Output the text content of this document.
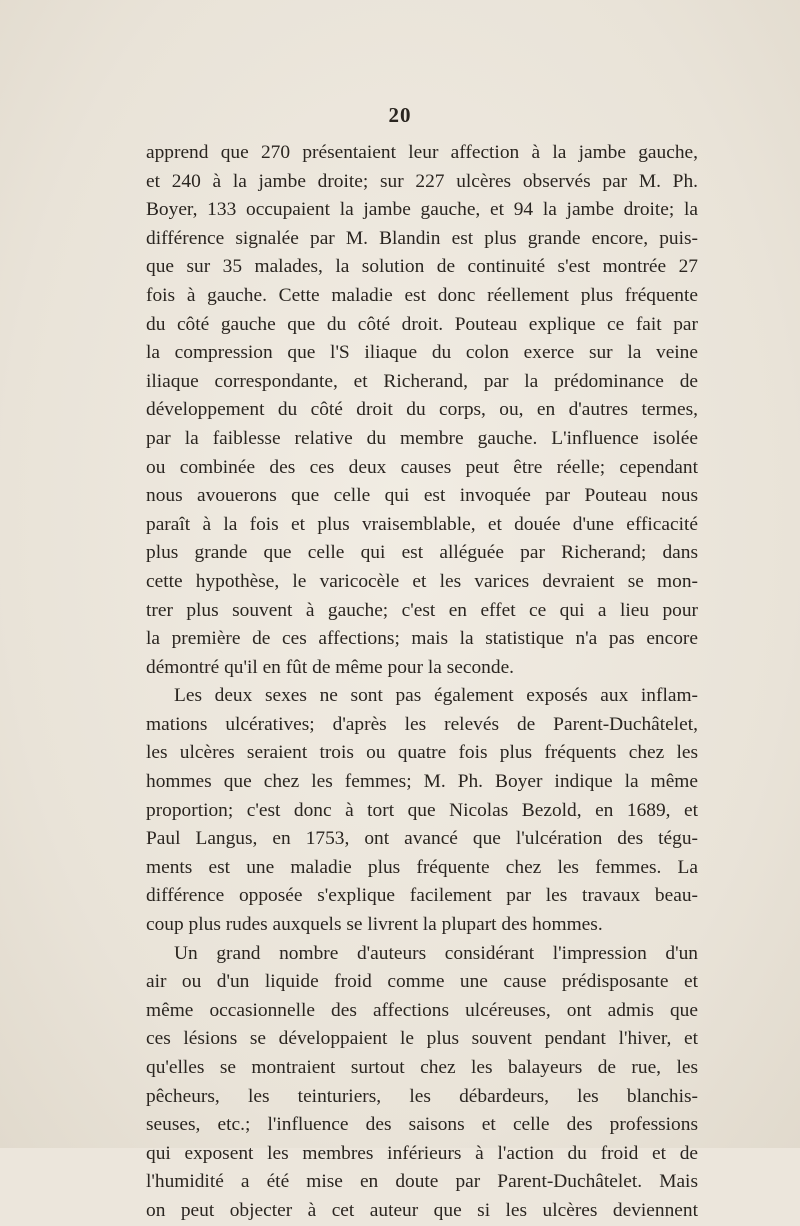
20
apprend que 270 présentaient leur affection à la jambe gauche,
et 240 à la jambe droite; sur 227 ulcères observés par M. Ph.
Boyer, 133 occupaient la jambe gauche, et 94 la jambe droite; la
différence signalée par M. Blandin est plus grande encore, puis-
que sur 35 malades, la solution de continuité s'est montrée 27
fois à gauche. Cette maladie est donc réellement plus fréquente
du côté gauche que du côté droit. Pouteau explique ce fait par
la compression que l'S iliaque du colon exerce sur la veine
iliaque correspondante, et Richerand, par la prédominance de
développement du côté droit du corps, ou, en d'autres termes,
par la faiblesse relative du membre gauche. L'influence isolée
ou combinée des ces deux causes peut être réelle; cependant
nous avouerons que celle qui est invoquée par Pouteau nous
paraît à la fois et plus vraisemblable, et douée d'une efficacité
plus grande que celle qui est alléguée par Richerand; dans
cette hypothèse, le varicocèle et les varices devraient se mon-
trer plus souvent à gauche; c'est en effet ce qui a lieu pour
la première de ces affections; mais la statistique n'a pas encore
démontré qu'il en fût de même pour la seconde.
Les deux sexes ne sont pas également exposés aux inflam-
mations ulcératives; d'après les relevés de Parent-Duchâtelet,
les ulcères seraient trois ou quatre fois plus fréquents chez les
hommes que chez les femmes; M. Ph. Boyer indique la même
proportion; c'est donc à tort que Nicolas Bezold, en 1689, et
Paul Langus, en 1753, ont avancé que l'ulcération des tégu-
ments est une maladie plus fréquente chez les femmes. La
différence opposée s'explique facilement par les travaux beau-
coup plus rudes auxquels se livrent la plupart des hommes.
Un grand nombre d'auteurs considérant l'impression d'un
air ou d'un liquide froid comme une cause prédisposante et
même occasionnelle des affections ulcéreuses, ont admis que
ces lésions se développaient le plus souvent pendant l'hiver, et
qu'elles se montraient surtout chez les balayeurs de rue, les
pêcheurs, les teinturiers, les débardeurs, les blanchis-
seuses, etc.; l'influence des saisons et celle des professions
qui exposent les membres inférieurs à l'action du froid et de
l'humidité a été mise en doute par Parent-Duchâtelet. Mais
on peut objecter à cet auteur que si les ulcères deviennent
